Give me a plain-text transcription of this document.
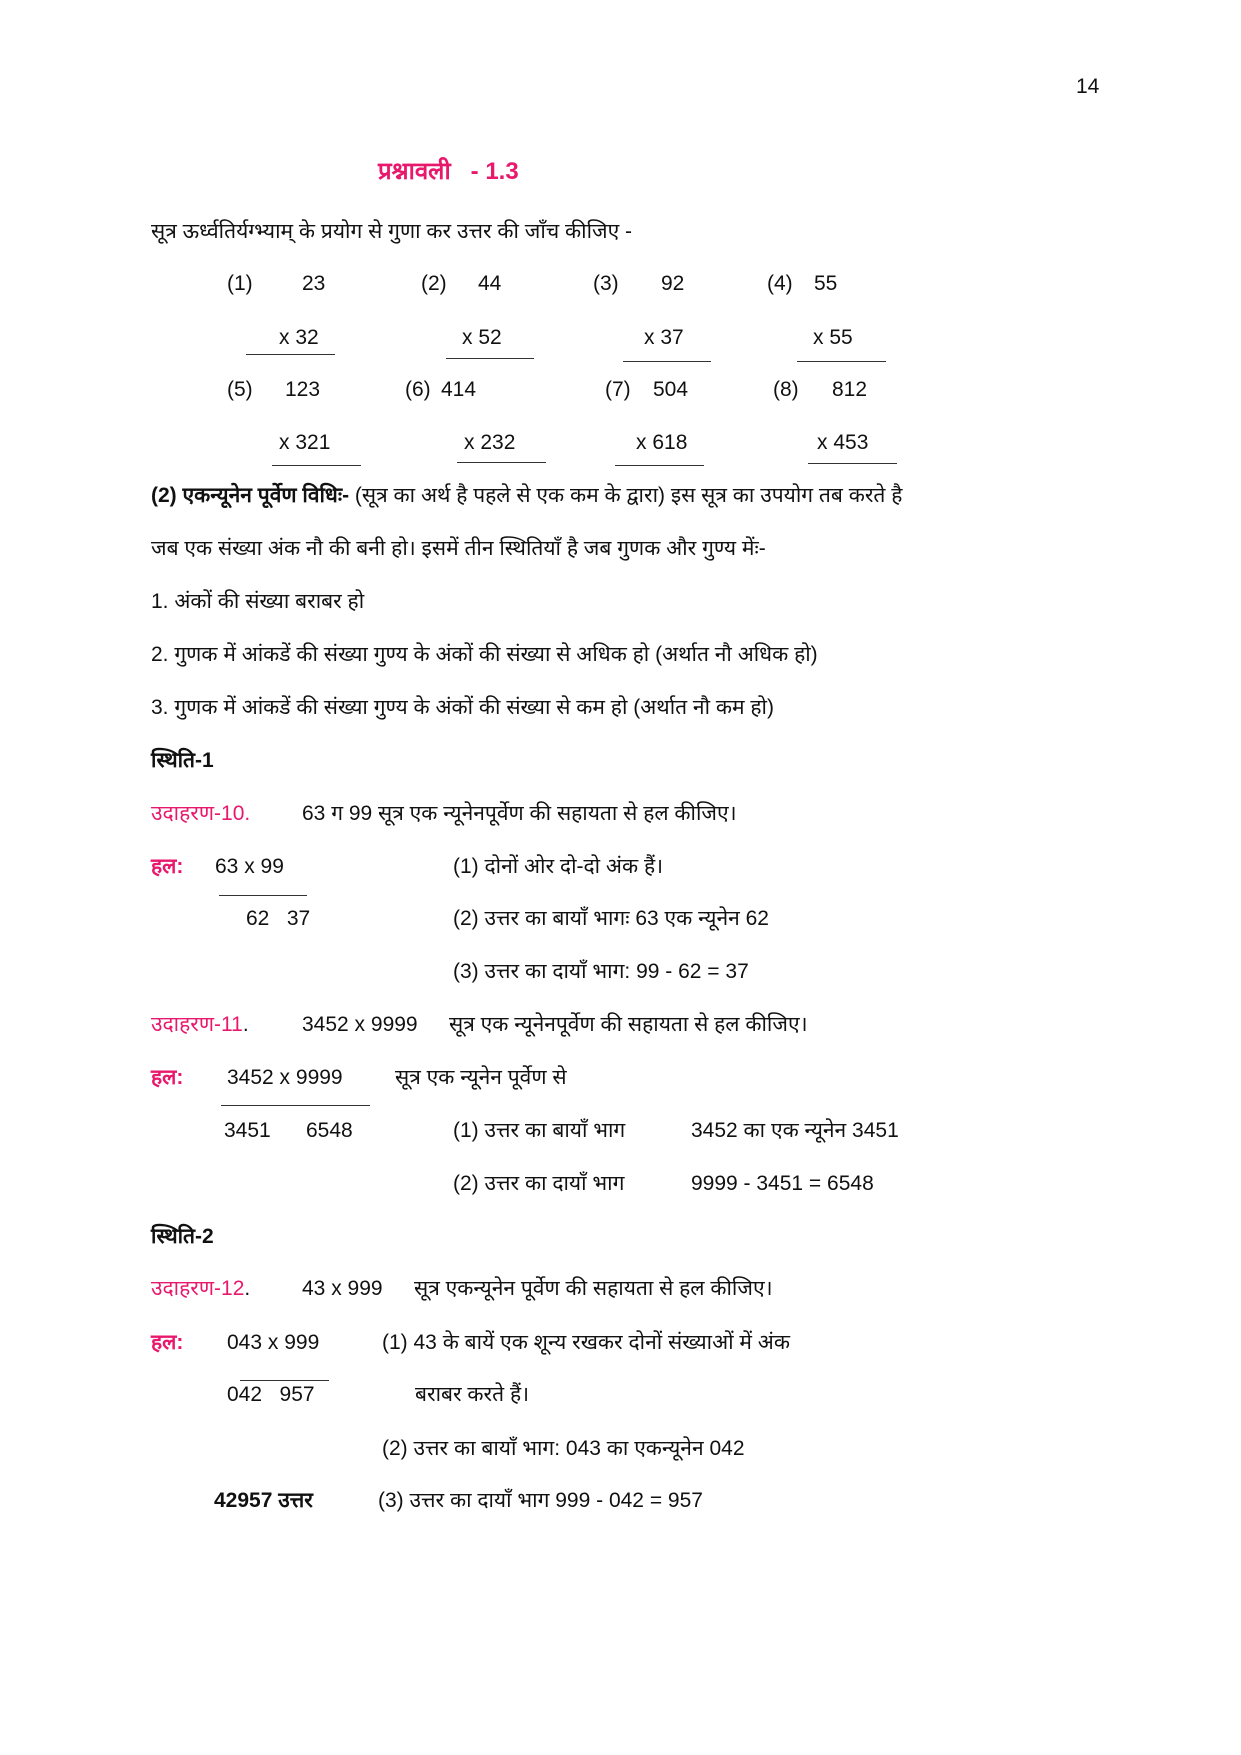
14
प्रश्नावली   - 1.3
सूत्र ऊर्ध्वतिर्यग्भ्याम् के प्रयोग से गुणा कर उत्तर की जाँच कीजिए -
(1) 23	(2) 44	(3) 92	(4) 55
x 32	x 52	x 37	x 55
(5) 123	(6) 414	(7) 504	(8) 812
x 321	x 232	x 618	x 453
(2) एकन्यूनेन पूर्वेण विधिः- (सूत्र का अर्थ है पहले से एक कम के द्वारा) इस सूत्र का उपयोग तब करते है
जब एक संख्या अंक नौ की बनी हो। इसमें तीन स्थितियाँ है जब गुणक और गुण्य मेंः-
1. अंकों की संख्या बराबर हो
2. गुणक में आंकडें की संख्या गुण्य के अंकों की संख्या से अधिक हो (अर्थात नौ अधिक हो)
3. गुणक में आंकडें की संख्या गुण्य के अंकों की संख्या से कम हो (अर्थात नौ कम हो)
स्थिति-1
उदाहरण-10. 63 ग 99 सूत्र एक न्यूनेनपूर्वेण की सहायता से हल कीजिए।
हल: 63 x 99
62   37
(1) दोनों ओर दो-दो अंक हैं।
(2) उत्तर का बायाँ भागः 63 एक न्यूनेन 62
(3) उत्तर का दायाँ भाग: 99 - 62 = 37
उदाहरण-11.	3452 x 9999 सूत्र एक न्यूनेनपूर्वेण की सहायता से हल कीजिए।
हल: 3452 x 9999 सूत्र एक न्यूनेन पूर्वेण से
3451 6548	(1) उत्तर का बायाँ भाग	3452 का एक न्यूनेन 3451
(2) उत्तर का दायाँ भाग	9999 - 3451 = 6548
स्थिति-2
उदाहरण-12. 43 x 999 सूत्र एकन्यूनेन पूर्वेण की सहायता से हल कीजिए।
हल: 043 x 999	(1) 43 के बायें एक शून्य रखकर दोनों संख्याओं में अंक
042   957	बराबर करते हैं।
(2) उत्तर का बायाँ भाग: 043 का एकन्यूनेन 042
42957 उत्तर	(3) उत्तर का दायाँ भाग 999 - 042 = 957
